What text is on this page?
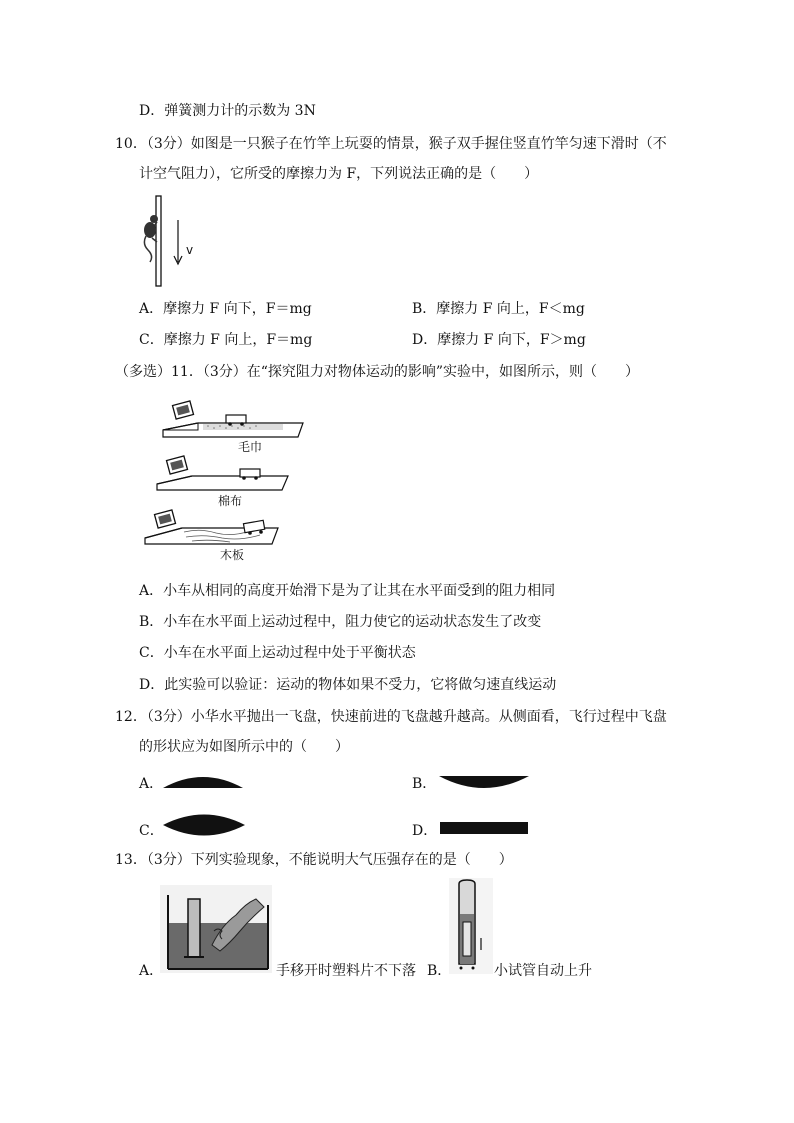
D．弹簧测力计的示数为 3N
10．（3分）如图是一只猴子在竹竿上玩耍的情景，猴子双手握住竖直竹竿匀速下滑时（不
计空气阻力），它所受的摩擦力为 F，下列说法正确的是（　　）
v
A．摩擦力 F 向下，F＝mg	B．摩擦力 F 向上，F＜mg
C．摩擦力 F 向上，F＝mg	D．摩擦力 F 向下，F＞mg
（多选）11．（3分）在“探究阻力对物体运动的影响”实验中，如图所示，则（　　）
毛巾
棉布
木板
A．小车从相同的高度开始滑下是为了让其在水平面受到的阻力相同
B．小车在水平面上运动过程中，阻力使它的运动状态发生了改变
C．小车在水平面上运动过程中处于平衡状态
D．此实验可以验证：运动的物体如果不受力，它将做匀速直线运动
12．（3分）小华水平抛出一飞盘，快速前进的飞盘越升越高。从侧面看，飞行过程中飞盘
的形状应为如图所示中的（　　）
A．	B．
C．	D．
13．（3分）下列实验现象，不能说明大气压强存在的是（　　）
A．	手移开时塑料片不下落 B．	小试管自动上升
